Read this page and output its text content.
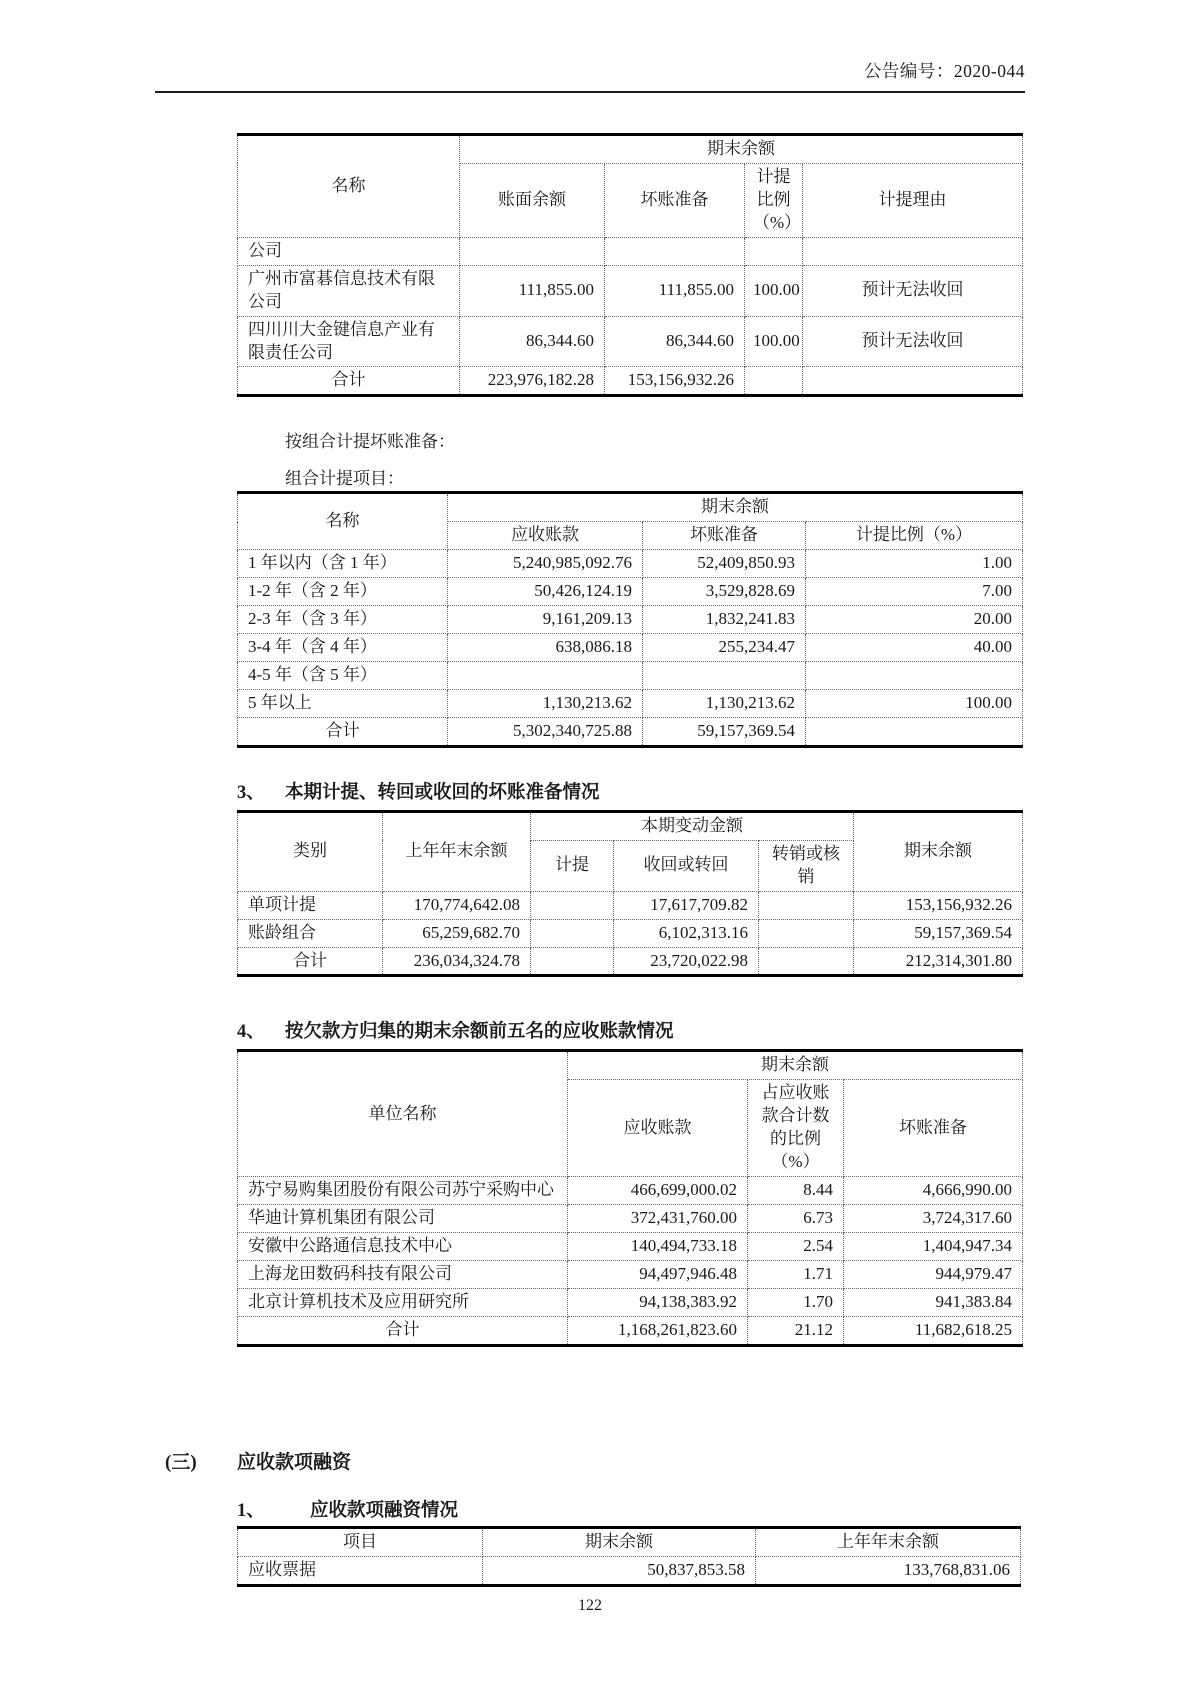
公告编号：2020-044
名称	期末余额			
	账面余额	坏账准备	计提比例（%）	计提理由
公司				
广州市富碁信息技术有限公司	111,855.00	111,855.00	100.00	预计无法收回
四川川大金键信息产业有限责任公司	86,344.60	86,344.60	100.00	预计无法收回
合计	223,976,182.28	153,156,932.26		

按组合计提坏账准备：

组合计提项目：

名称	期末余额		
	应收账款	坏账准备	计提比例（%）
1 年以内（含 1 年）	5,240,985,092.76	52,409,850.93	1.00
1-2 年（含 2 年）	50,426,124.19	3,529,828.69	7.00
2-3 年（含 3 年）	9,161,209.13	1,832,241.83	20.00
3-4 年（含 4 年）	638,086.18	255,234.47	40.00
4-5 年（含 5 年）			
5 年以上	1,130,213.62	1,130,213.62	100.00
合计	5,302,340,725.88	59,157,369.54	
3、	本期计提、转回或收回的坏账准备情况
类别	上年年末余额	本期变动金额			期末余额
		计提	收回或转回	转销或核销	
单项计提	170,774,642.08		17,617,709.82		153,156,932.26
账龄组合	65,259,682.70		6,102,313.16		59,157,369.54
合计	236,034,324.78		23,720,022.98		212,314,301.80
4、	按欠款方归集的期末余额前五名的应收账款情况
单位名称	期末余额		
	应收账款	占应收账款合计数的比例（%）	坏账准备
苏宁易购集团股份有限公司苏宁采购中心	466,699,000.02	8.44	4,666,990.00
华迪计算机集团有限公司	372,431,760.00	6.73	3,724,317.60
安徽中公路通信息技术中心	140,494,733.18	2.54	1,404,947.34
上海龙田数码科技有限公司	94,497,946.48	1.71	944,979.47
北京计算机技术及应用研究所	94,138,383.92	1.70	941,383.84
合计	1,168,261,823.60	21.12	11,682,618.25
(三)	应收款项融资
1、	应收款项融资情况
项目	期末余额	上年年末余额
应收票据	50,837,853.58	133,768,831.06
122
